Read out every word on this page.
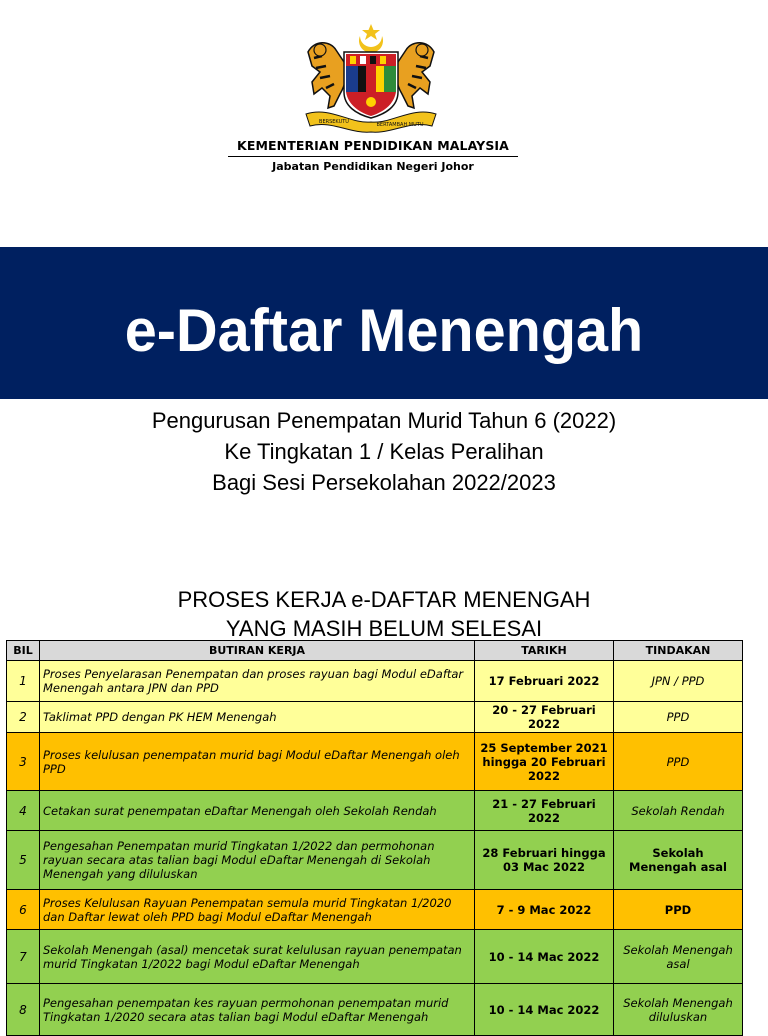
BERSEKUTU	BERTAMBAH MUTU
KEMENTERIAN PENDIDIKAN MALAYSIA
Jabatan Pendidikan Negeri Johor
e-Daftar Menengah
Pengurusan Penempatan Murid Tahun 6 (2022)
Ke Tingkatan 1 / Kelas Peralihan
Bagi Sesi Persekolahan 2022/2023
PROSES KERJA e-DAFTAR MENENGAH
YANG MASIH BELUM SELESAI
BIL	BUTIRAN KERJA	TARIKH	TINDAKAN
1	Proses Penyelarasan Penempatan dan proses rayuan bagi Modul eDaftar Menengah antara JPN dan PPD	17 Februari 2022	JPN / PPD
2	Taklimat PPD dengan PK HEM Menengah	20 - 27 Februari 2022	PPD
3	Proses kelulusan penempatan murid bagi Modul eDaftar Menengah oleh PPD	25 September 2021 hingga 20 Februari 2022	PPD
4	Cetakan surat penempatan eDaftar Menengah oleh Sekolah Rendah	21 - 27 Februari 2022	Sekolah Rendah
5	Pengesahan Penempatan murid Tingkatan 1/2022 dan permohonan rayuan secara atas talian bagi Modul eDaftar Menengah di Sekolah Menengah yang diluluskan	28 Februari hingga 03 Mac 2022	Sekolah Menengah asal
6	Proses Kelulusan Rayuan Penempatan semula murid Tingkatan 1/2020 dan Daftar lewat oleh PPD bagi Modul eDaftar Menengah	7 - 9 Mac 2022	PPD
7	Sekolah Menengah (asal) mencetak surat kelulusan rayuan penempatan murid Tingkatan 1/2022 bagi Modul eDaftar Menengah	10 - 14 Mac 2022	Sekolah Menengah asal
8	Pengesahan penempatan kes rayuan permohonan penempatan murid Tingkatan 1/2020 secara atas talian bagi Modul eDaftar Menengah	10 - 14 Mac 2022	Sekolah Menengah diluluskan
